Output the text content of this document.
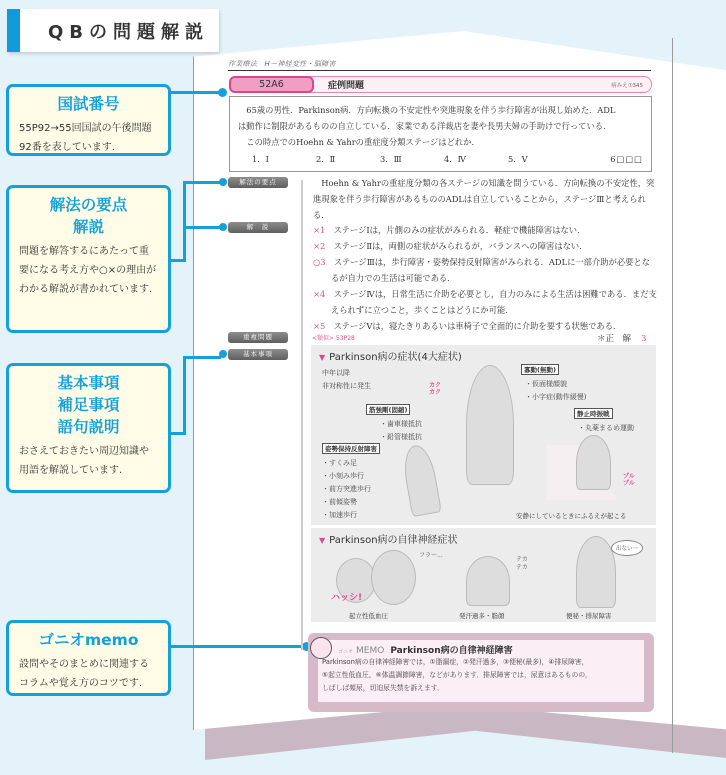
QBの問題解説
国試番号

55P92→55回国試の午後問題92番を表しています.

解法の要点
解説

問題を解答するにあたって重要になる考え方や○×の理由がわかる解説が書かれています.

基本事項
補足事項
語句説明

おさえておきたい周辺知識や用語を解説しています.

ゴニオmemo

設問やそのまとめに関連するコラムや覚え方のコツです.

作業療法　H－神経変性・脳障害
52A6	症例問題	病みえ⑦345
65歳の男性．Parkinson病．方向転換の不安定性や突進現象を伴う歩行障害が出現し始めた．ADL
は動作に制限があるものの自立している．家業である洋裁店を妻や長男夫婦の手助けで行っている．
この時点でのHoehn & Yahrの重症度分類ステージはどれか．
1．Ⅰ	2．Ⅱ	3．Ⅲ	4．Ⅳ	5．Ⅴ	6□□□
解法の要点
解　説
重複問題
基本事項
Hoehn & Yahrの重症度分類の各ステージの知識を問うている．方向転換の不安定性，突進現象を伴う歩行障害があるもののADLは自立していることから，ステージⅢと考えられる．
×1　 ステージⅠは，片側のみの症状がみられる．軽症で機能障害はない．
×2　 ステージⅡは，両側の症状がみられるが，バランスへの障害はない．
○3　 ステージⅢは，歩行障害・姿勢保持反射障害がみられる．ADLに一部介助が必要となるが自力での生活は可能である．
×4　 ステージⅣは，日常生活に介助を必要とし，自力のみによる生活は困難である．まだ支えられずに立つこと，歩くことはどうにか可能．
×5　 ステージⅤは，寝たきりあるいは車椅子で全面的に介助を要する状態である．
<類似> 53P28	＊正　解 3
▼ Parkinson病の症状(4大症状)
中年以降
非対称性に発生
筋強剛(固縮)
・歯車様抵抗
・鉛管様抵抗
寡動(無動)
・仮面様顔貌
・小字症(動作緩慢)
静止時振戦
・丸薬まるめ運動
姿勢保持反射障害
・すくみ足
・小刻み歩行
・前方突進歩行
・前傾姿勢
・加速歩行
カクカク
プルプル
安静にしているときにふるえが起こる
▼ Parkinson病の自律神経症状
ハッシ!
フラ〜...
テカテカ
出ない〜
起立性低血圧	発汗過多・脂顔	便秘・排尿障害
ゴニオ MEMO Parkinson病の自律神経障害
Parkinson病の自律神経障害では，①脂漏症，②発汗過多，③便秘(最多)，④排尿障害，
⑤起立性低血圧，⑥体温調節障害，などがあります．排尿障害では，尿意はあるものの，
しばしば頻尿，切迫尿失禁を訴えます．
